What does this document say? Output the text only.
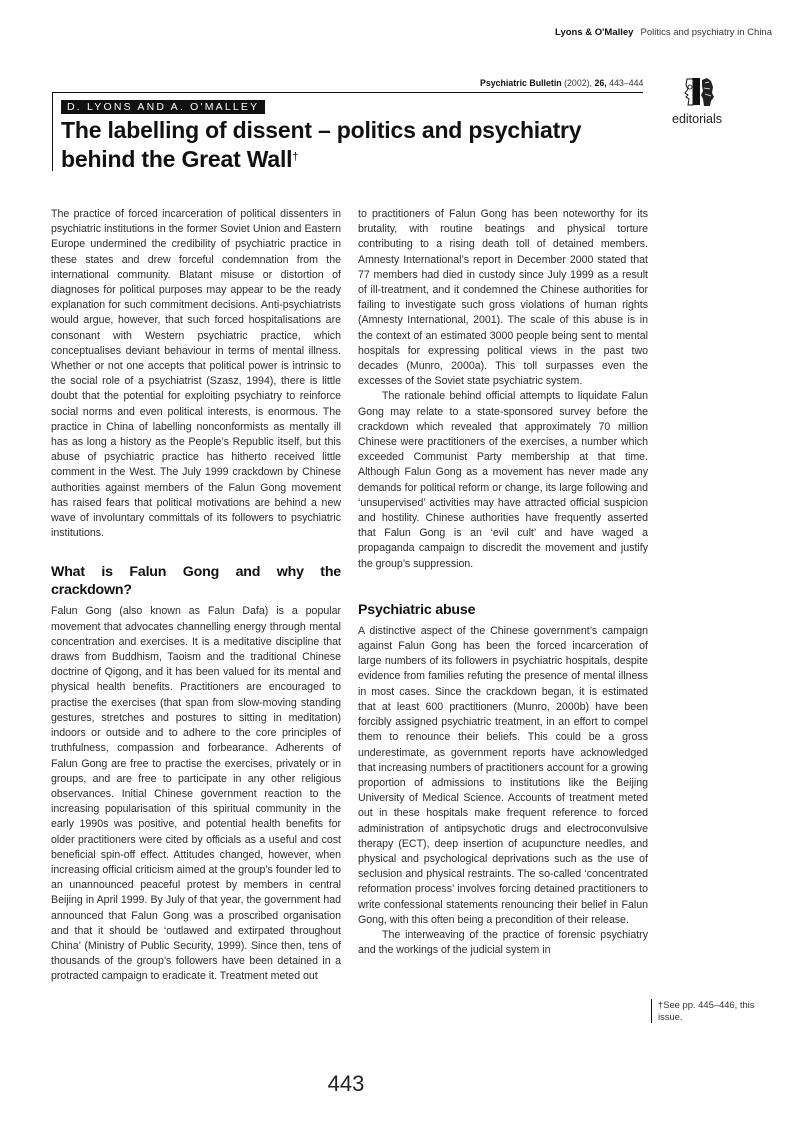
Lyons & O'Malley Politics and psychiatry in China
Psychiatric Bulletin (2002), 26, 443–444
D. LYONS AND A. O'MALLEY
The labelling of dissent – politics and psychiatry behind the Great Wall†
editorials

The practice of forced incarceration of political dissenters in psychiatric institutions in the former Soviet Union and Eastern Europe undermined the credibility of psychiatric practice in these states and drew forceful condemnation from the international community. Blatant misuse or distortion of diagnoses for political purposes may appear to be the ready explanation for such commitment decisions. Anti-psychiatrists would argue, however, that such forced hospitalisations are consonant with Western psychiatric practice, which conceptualises deviant behaviour in terms of mental illness. Whether or not one accepts that political power is intrinsic to the social role of a psychiatrist (Szasz, 1994), there is little doubt that the potential for exploiting psychiatry to reinforce social norms and even political interests, is enormous. The practice in China of labelling nonconformists as mentally ill has as long a history as the People’s Republic itself, but this abuse of psychiatric practice has hitherto received little comment in the West. The July 1999 crackdown by Chinese authorities against members of the Falun Gong movement has raised fears that political motivations are behind a new wave of involuntary committals of its followers to psychiatric institutions.

What is Falun Gong and why the crackdown?

Falun Gong (also known as Falun Dafa) is a popular movement that advocates channelling energy through mental concentration and exercises. It is a meditative discipline that draws from Buddhism, Taoism and the traditional Chinese doctrine of Qigong, and it has been valued for its mental and physical health benefits. Practitioners are encouraged to practise the exercises (that span from slow-moving standing gestures, stretches and postures to sitting in meditation) indoors or outside and to adhere to the core principles of truthfulness, compassion and forbearance. Adherents of Falun Gong are free to practise the exercises, privately or in groups, and are free to participate in any other religious observances. Initial Chinese government reaction to the increasing popularisation of this spiritual community in the early 1990s was positive, and potential health benefits for older practitioners were cited by officials as a useful and cost beneficial spin-off effect. Attitudes changed, however, when increasing official criticism aimed at the group’s founder led to an unannounced peaceful protest by members in central Beijing in April 1999. By July of that year, the government had announced that Falun Gong was a proscribed organisation and that it should be ‘outlawed and extirpated throughout China’ (Ministry of Public Security, 1999). Since then, tens of thousands of the group’s followers have been detained in a protracted campaign to eradicate it. Treatment meted out

to practitioners of Falun Gong has been noteworthy for its brutality, with routine beatings and physical torture contributing to a rising death toll of detained members. Amnesty International’s report in December 2000 stated that 77 members had died in custody since July 1999 as a result of ill-treatment, and it condemned the Chinese authorities for failing to investigate such gross violations of human rights (Amnesty International, 2001). The scale of this abuse is in the context of an estimated 3000 people being sent to mental hospitals for expressing political views in the past two decades (Munro, 2000a). This toll surpasses even the excesses of the Soviet state psychiatric system.

The rationale behind official attempts to liquidate Falun Gong may relate to a state-sponsored survey before the crackdown which revealed that approximately 70 million Chinese were practitioners of the exercises, a number which exceeded Communist Party membership at that time. Although Falun Gong as a movement has never made any demands for political reform or change, its large following and ‘unsupervised’ activities may have attracted official suspicion and hostility. Chinese authorities have frequently asserted that Falun Gong is an ‘evil cult’ and have waged a propaganda campaign to discredit the movement and justify the group’s suppression.

Psychiatric abuse

A distinctive aspect of the Chinese government’s campaign against Falun Gong has been the forced incarceration of large numbers of its followers in psychiatric hospitals, despite evidence from families refuting the presence of mental illness in most cases. Since the crackdown began, it is estimated that at least 600 practitioners (Munro, 2000b) have been forcibly assigned psychiatric treatment, in an effort to compel them to renounce their beliefs. This could be a gross underestimate, as government reports have acknowledged that increasing numbers of practitioners account for a growing proportion of admissions to institutions like the Beijing University of Medical Science. Accounts of treatment meted out in these hospitals make frequent reference to forced administration of antipsychotic drugs and electroconvulsive therapy (ECT), deep insertion of acupuncture needles, and physical and psychological deprivations such as the use of seclusion and physical restraints. The so-called ‘concentrated reformation process’ involves forcing detained practitioners to write confessional statements renouncing their belief in Falun Gong, with this often being a precondition of their release.

The interweaving of the practice of forensic psychiatry and the workings of the judicial system in

†See pp. 445–446, this issue.
443
